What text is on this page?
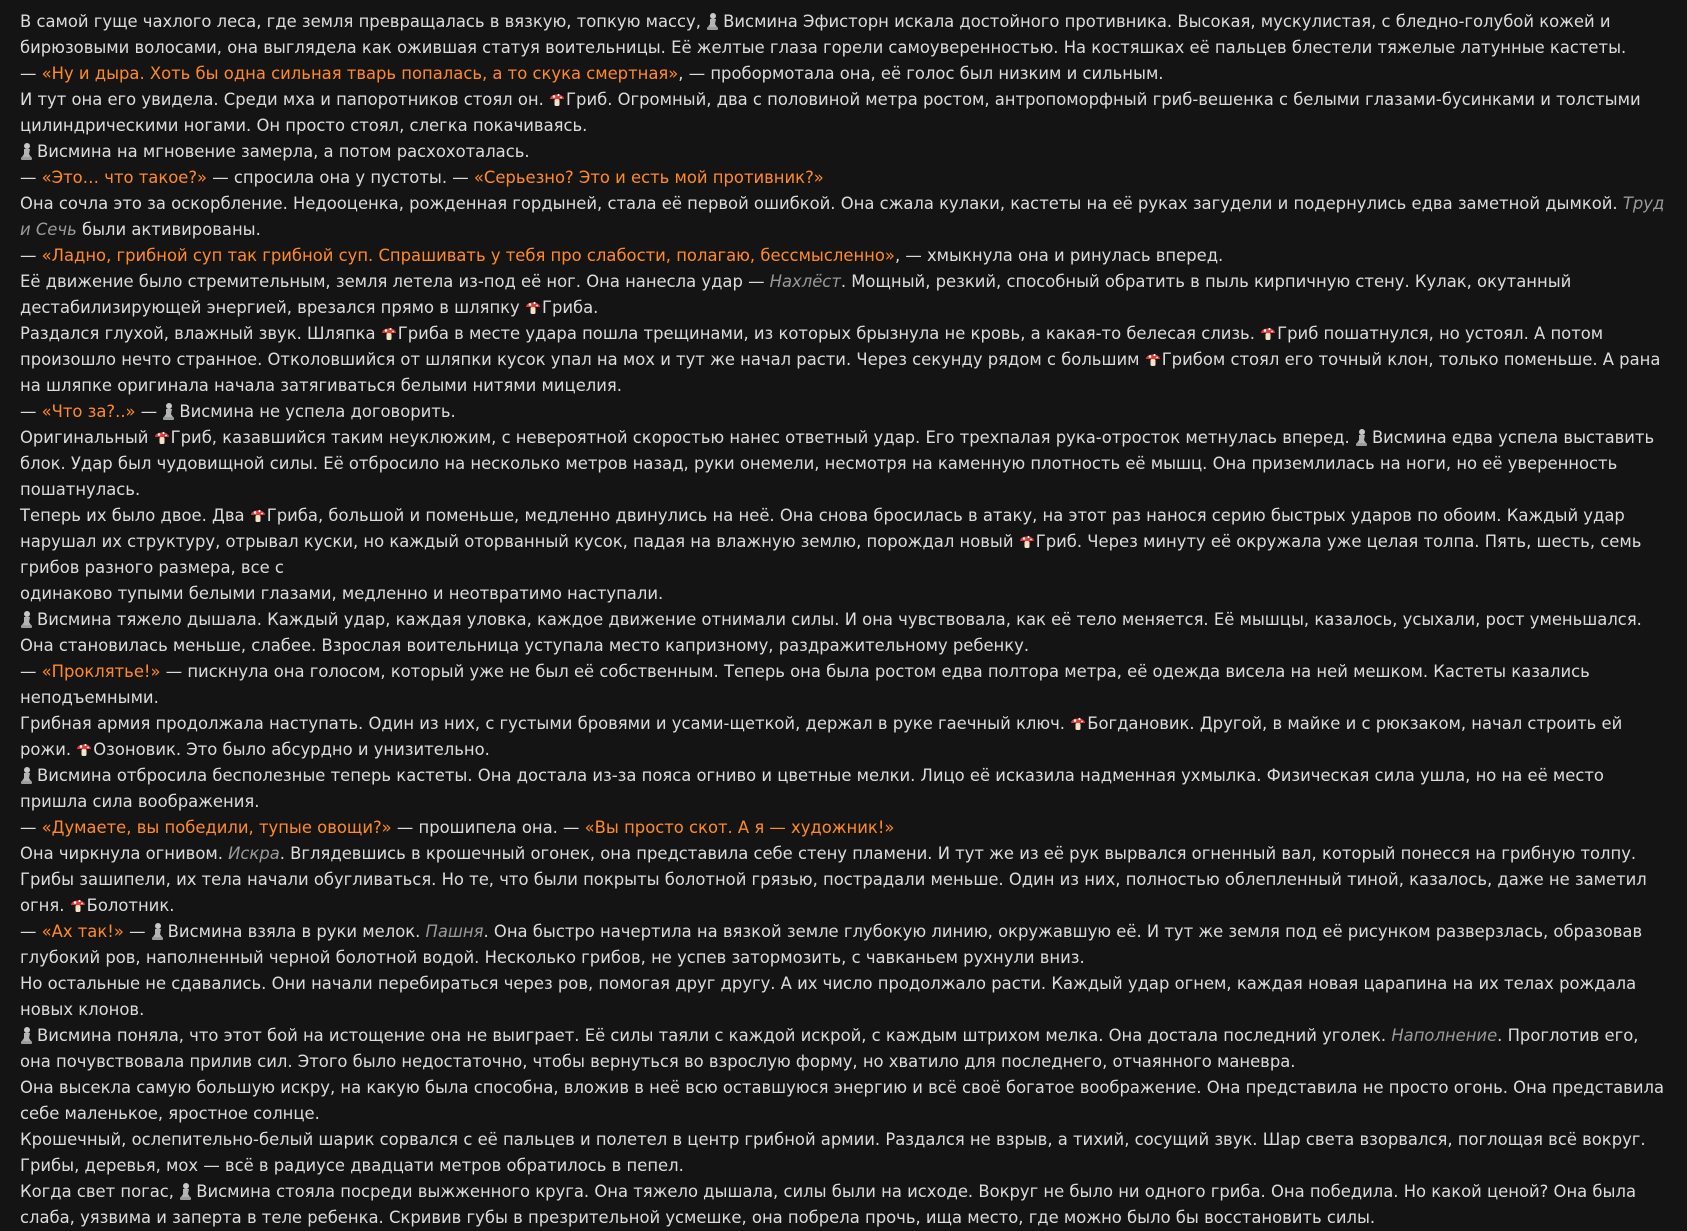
В самой гуще чахлого леса, где земля превращалась в вязкую, топкую массу,
Висмина Эфисторн искала достойного противника. Высокая, мускулистая, с бледно-голубой кожей и бирюзовыми волосами, она выглядела как ожившая статуя воительницы. Её желтые глаза горели самоуверенностью. На костяшках её пальцев блестели тяжелые латунные кастеты.

— «Ну и дыра. Хоть бы одна сильная тварь попалась, а то скука смертная», — пробормотала она, её голос был низким и сильным.

И тут она его увидела. Среди мха и папоротников стоял он.
Гриб. Огромный, два с половиной метра ростом, антропоморфный гриб-вешенка с белыми глазами-бусинками и толстыми цилиндрическими ногами. Он просто стоял, слегка покачиваясь.

Висмина на мгновение замерла, а потом расхохоталась.

— «Это… что такое?» — спросила она у пустоты. — «Серьезно? Это и есть мой противник?»

Она сочла это за оскорбление. Недооценка, рожденная гордыней, стала её первой ошибкой. Она сжала кулаки, кастеты на её руках загудели и подернулись едва заметной дымкой. Труд и Сечь были активированы.

— «Ладно, грибной суп так грибной суп. Спрашивать у тебя про слабости, полагаю, бессмысленно», — хмыкнула она и ринулась вперед.

Её движение было стремительным, земля летела из-под её ног. Она нанесла удар — Нахлёст. Мощный, резкий, способный обратить в пыль кирпичную стену. Кулак, окутанный дестабилизирующей энергией, врезался прямо в шляпку
Гриба.

Раздался глухой, влажный звук. Шляпка
Гриба в месте удара пошла трещинами, из которых брызнула не кровь, а какая-то белесая слизь.
Гриб пошатнулся, но устоял. А потом произошло нечто странное. Отколовшийся от шляпки кусок упал на мох и тут же начал расти. Через секунду рядом с большим
Грибом стоял его точный клон, только поменьше. А рана на шляпке оригинала начала затягиваться белыми нитями мицелия.

— «Что за?..» —
Висмина не успела договорить.

Оригинальный
Гриб, казавшийся таким неуклюжим, с невероятной скоростью нанес ответный удар. Его трехпалая рука-отросток метнулась вперед.
Висмина едва успела выставить блок. Удар был чудовищной силы. Её отбросило на несколько метров назад, руки онемели, несмотря на каменную плотность её мышц. Она приземлилась на ноги, но её уверенность пошатнулась.

Теперь их было двое. Два
Гриба, большой и поменьше, медленно двинулись на неё. Она снова бросилась в атаку, на этот раз нанося серию быстрых ударов по обоим. Каждый удар нарушал их структуру, отрывал куски, но каждый оторванный кусок, падая на влажную землю, порождал новый
Гриб. Через минуту её окружала уже целая толпа. Пять, шесть, семь грибов разного размера, все с

одинаково тупыми белыми глазами, медленно и неотвратимо наступали.

Висмина тяжело дышала. Каждый удар, каждая уловка, каждое движение отнимали силы. И она чувствовала, как её тело меняется. Её мышцы, казалось, усыхали, рост уменьшался. Она становилась меньше, слабее. Взрослая воительница уступала место капризному, раздражительному ребенку.

— «Проклятье!» — пискнула она голосом, который уже не был её собственным. Теперь она была ростом едва полтора метра, её одежда висела на ней мешком. Кастеты казались неподъемными.

Грибная армия продолжала наступать. Один из них, с густыми бровями и усами-щеткой, держал в руке гаечный ключ.
Богдановик. Другой, в майке и с рюкзаком, начал строить ей рожи.
Озоновик. Это было абсурдно и унизительно.

Висмина отбросила бесполезные теперь кастеты. Она достала из-за пояса огниво и цветные мелки. Лицо её исказила надменная ухмылка. Физическая сила ушла, но на её место пришла сила воображения.

— «Думаете, вы победили, тупые овощи?» — прошипела она. — «Вы просто скот. А я — художник!»

Она чиркнула огнивом. Искра. Вглядевшись в крошечный огонек, она представила себе стену пламени. И тут же из её рук вырвался огненный вал, который понесся на грибную толпу. Грибы зашипели, их тела начали обугливаться. Но те, что были покрыты болотной грязью, пострадали меньше. Один из них, полностью облепленный тиной, казалось, даже не заметил огня.
Болотник.

— «Ах так!» —
Висмина взяла в руки мелок. Пашня. Она быстро начертила на вязкой земле глубокую линию, окружавшую её. И тут же земля под её рисунком разверзлась, образовав глубокий ров, наполненный черной болотной водой. Несколько грибов, не успев затормозить, с чавканьем рухнули вниз.

Но остальные не сдавались. Они начали перебираться через ров, помогая друг другу. А их число продолжало расти. Каждый удар огнем, каждая новая царапина на их телах рождала новых клонов.

Висмина поняла, что этот бой на истощение она не выиграет. Её силы таяли с каждой искрой, с каждым штрихом мелка. Она достала последний уголек. Наполнение. Проглотив его, она почувствовала прилив сил. Этого было недостаточно, чтобы вернуться во взрослую форму, но хватило для последнего, отчаянного маневра.

Она высекла самую большую искру, на какую была способна, вложив в неё всю оставшуюся энергию и всё своё богатое воображение. Она представила не просто огонь. Она представила себе маленькое, яростное солнце.

Крошечный, ослепительно-белый шарик сорвался с её пальцев и полетел в центр грибной армии. Раздался не взрыв, а тихий, сосущий звук. Шар света взорвался, поглощая всё вокруг. Грибы, деревья, мох — всё в радиусе двадцати метров обратилось в пепел.

Когда свет погас,
Висмина стояла посреди выжженного круга. Она тяжело дышала, силы были на исходе. Вокруг не было ни одного гриба. Она победила. Но какой ценой? Она была слаба, уязвима и заперта в теле ребенка. Скривив губы в презрительной усмешке, она побрела прочь, ища место, где можно было бы восстановить силы.
